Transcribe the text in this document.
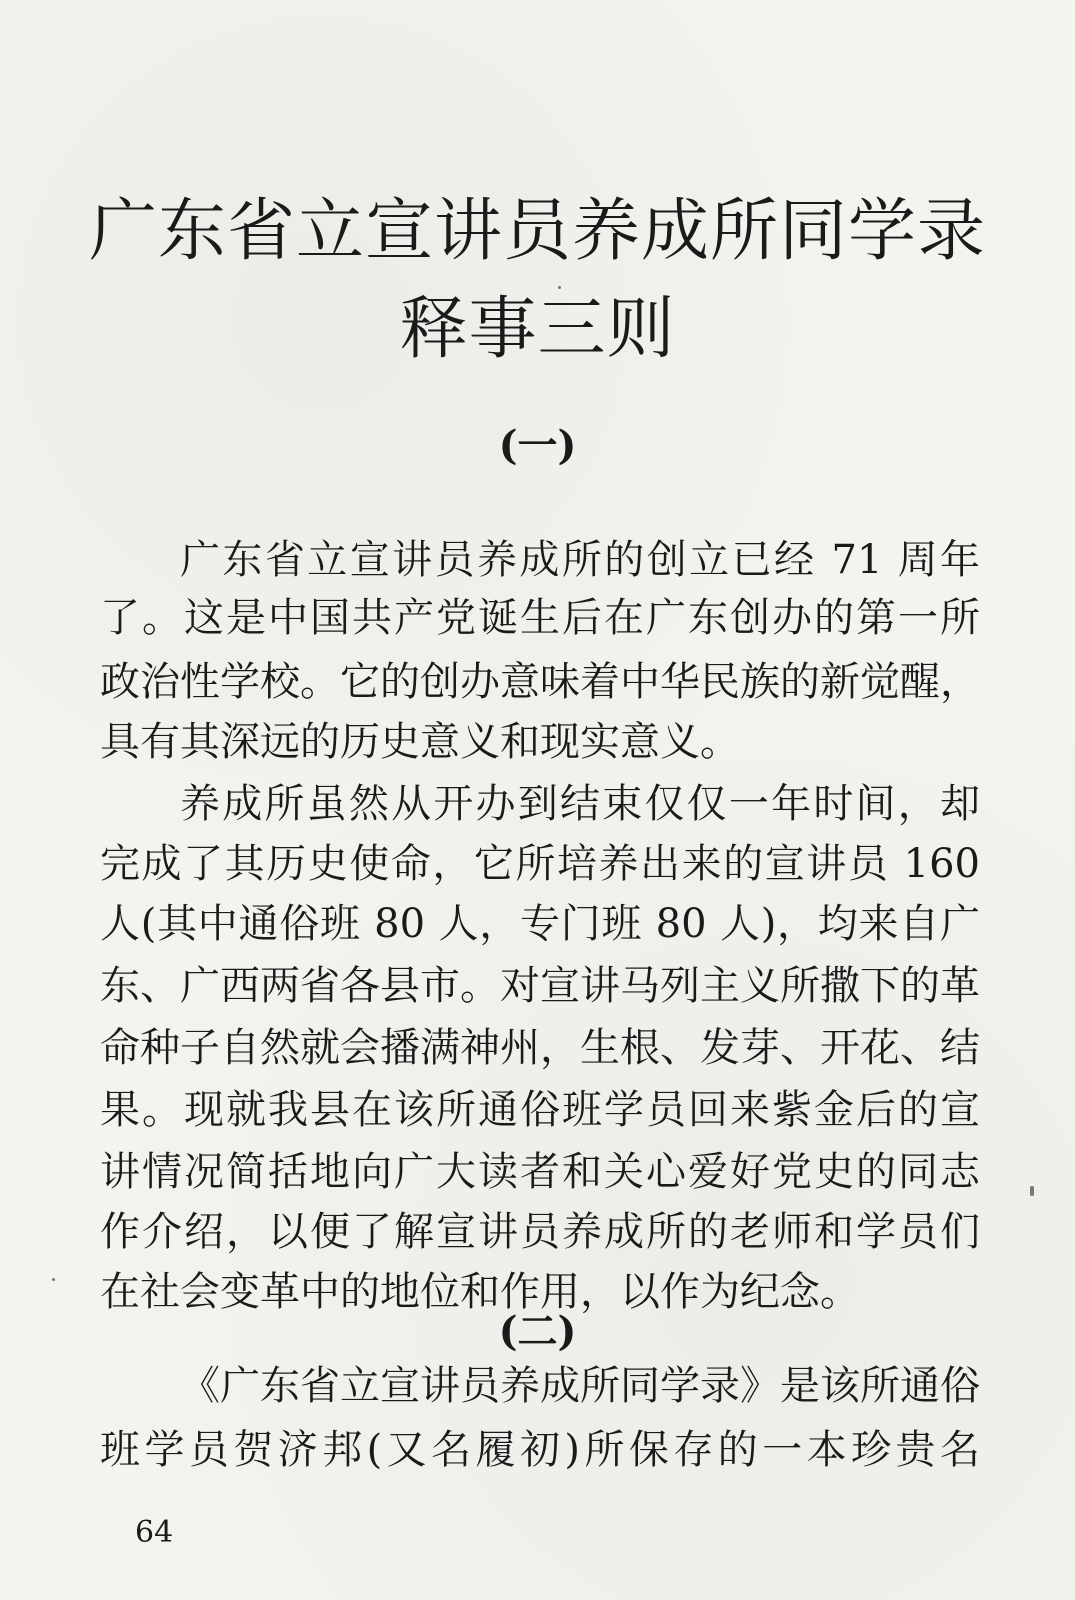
广东省立宣讲员养成所同学录
释事三则
(一)

广东省立宣讲员养成所的创立已经 71 周年

了。这是中国共产党诞生后在广东创办的第一所

政治性学校。它的创办意味着中华民族的新觉醒，

具有其深远的历史意义和现实意义。

养成所虽然从开办到结束仅仅一年时间，却

完成了其历史使命，它所培养出来的宣讲员 160

人(其中通俗班 80 人，专门班 80 人)，均来自广

东、广西两省各县市。对宣讲马列主义所撒下的革

命种子自然就会播满神州，生根、发芽、开花、结

果。现就我县在该所通俗班学员回来紫金后的宣

讲情况简括地向广大读者和关心爱好党史的同志

作介绍，以便了解宣讲员养成所的老师和学员们

在社会变革中的地位和作用，以作为纪念。

(二)

《广东省立宣讲员养成所同学录》是该所通俗

班学员贺济邦(又名履初)所保存的一本珍贵名

64
